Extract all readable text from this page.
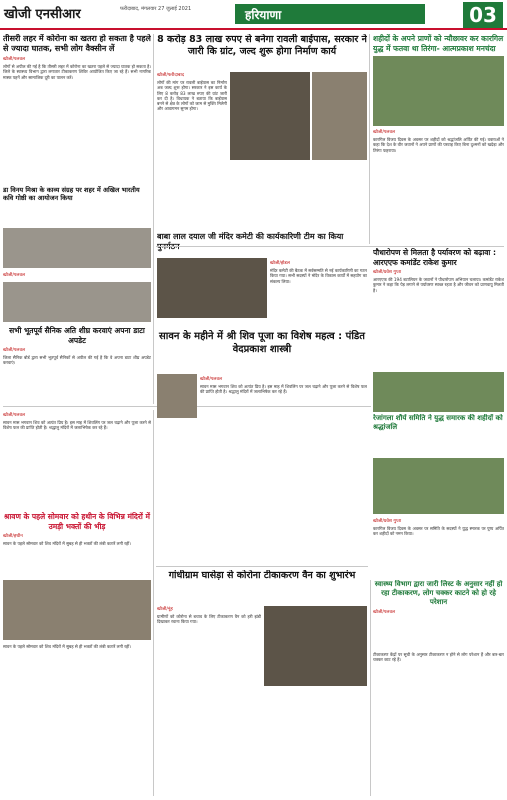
खोजी एनसीआर	फरीदाबाद, मंगलवार 27 जुलाई 2021	हरियाणा	03
तीसरी लहर में कोरोना का खतरा हो सकता है पहले से ज्यादा घातक, सभी लोग वैक्सीन लें
खोजी/पलवल
लोगों से अपील की गई है कि तीसरी लहर में कोरोना का खतरा पहले से ज्यादा घातक हो सकता है। जिले के स्वास्थ्य विभाग द्वारा लगातार टीकाकरण शिविर आयोजित किए जा रहे हैं। सभी नागरिक मास्क पहनें और सामाजिक दूरी का पालन करें।
8 करोड़ 83 लाख रुपए से बनेगा रावली बाईपास, सरकार ने जारी कि ग्रांट, जल्द शुरू होगा निर्माण कार्य
खोजी/फरीदाबाद
लोगों की मांग पर रावली बाईपास का निर्माण अब जल्द शुरू होगा। सरकार ने इस कार्य के लिए 8 करोड़ 83 लाख रुपए की ग्रांट जारी कर दी है। विधायक ने बताया कि बाईपास बनने से क्षेत्र के लोगों को जाम से मुक्ति मिलेगी और आवागमन सुगम होगा।
शहीदों के अपने प्राणों को न्यौछावर कर कारगिल युद्ध में फतवा था तिरंगा- आत्मप्रकाश मनचंदा
खोजी/पलवल
कारगिल विजय दिवस के अवसर पर शहीदों को श्रद्धांजलि अर्पित की गई। वक्ताओं ने कहा कि देश के वीर जवानों ने अपने प्राणों की परवाह किए बिना दुश्मनों को खदेड़ा और तिरंगा फहराया।
डा विनय मिश्रा के काव्य संग्रह पर शहर में अखिल भारतीय कवि गोष्ठी का आयोजन किया
खोजी/पलवल
बाबा लाल दयाल जी मंदिर कमेटी की कार्यकारिणी टीम का किया
खोजी/होडल
मंदिर कमेटी की बैठक में सर्वसम्मति से नई कार्यकारिणी का गठन किया गया। सभी सदस्यों ने मंदिर के विकास कार्यों में सहयोग का संकल्प लिया।
पौधारोपण से मिलता है पर्यावरण को बढ़ावा : आरएएफ कमांडेंट राकेश कुमार
खोजी/प्रवेश गुप्ता
आरएएफ की 194 बटालियन के जवानों ने पौधारोपण अभियान चलाया। कमांडेंट राकेश कुमार ने कहा कि पेड़ लगाने से पर्यावरण स्वच्छ रहता है और जीवन को प्राणवायु मिलती है।
सभी भूतपूर्व सैनिक अति शीघ्र करवाएं अपना डाटा अपडेट
खोजी/पलवल
जिला सैनिक बोर्ड द्वारा सभी भूतपूर्व सैनिकों से अपील की गई है कि वे अपना डाटा शीघ्र अपडेट करवाएं।
सावन के महीने में श्री शिव पूजा का विशेष महत्व : पंडित वेदप्रकाश शास्त्री
खोजी/पलवल
सावन मास भगवान शिव को अत्यंत प्रिय है। इस माह में शिवलिंग पर जल चढ़ाने और पूजा करने से विशेष फल की प्राप्ति होती है। श्रद्धालु मंदिरों में जलाभिषेक कर रहे हैं।
रेजांगला शौर्य समिति ने युद्ध समारक की शहीदों को श्रद्धांजलि
खोजी/प्रवेश गुप्ता
कारगिल विजय दिवस के अवसर पर समिति के सदस्यों ने युद्ध स्मारक पर पुष्प अर्पित कर शहीदों को नमन किया।
खोजी/पलवल
सावन मास भगवान शिव को अत्यंत प्रिय है। इस माह में शिवलिंग पर जल चढ़ाने और पूजा करने से विशेष फल की प्राप्ति होती है। श्रद्धालु मंदिरों में जलाभिषेक कर रहे हैं।
श्रावण के पहले सोमवार को हथीन के विभिन्न मंदिरों में उमड़ी भक्तों की भीड़
खोजी/हथीन
सावन के पहले सोमवार को शिव मंदिरों में सुबह से ही भक्तों की लंबी कतारें लगी रहीं।
गांधीग्राम घासेड़ा से कोरोना टीकाकरण वैन का शुभारंभ
खोजी/नूंह
ग्रामीणों को कोरोना से बचाव के लिए टीकाकरण वैन को हरी झंडी दिखाकर रवाना किया गया।
स्वास्थ्य विभाग द्वारा जारी लिस्ट के अनुसार नहीं हो रहा टीकाकरण, लोग चक्कर काटने को हो रहे परेशान
खोजी/पलवल
टीकाकरण केंद्रों पर सूची के अनुसार टीकाकरण न होने से लोग परेशान हैं और बार-बार चक्कर काट रहे हैं।
सावन के पहले सोमवार को शिव मंदिरों में सुबह से ही भक्तों की लंबी कतारें लगी रहीं।
